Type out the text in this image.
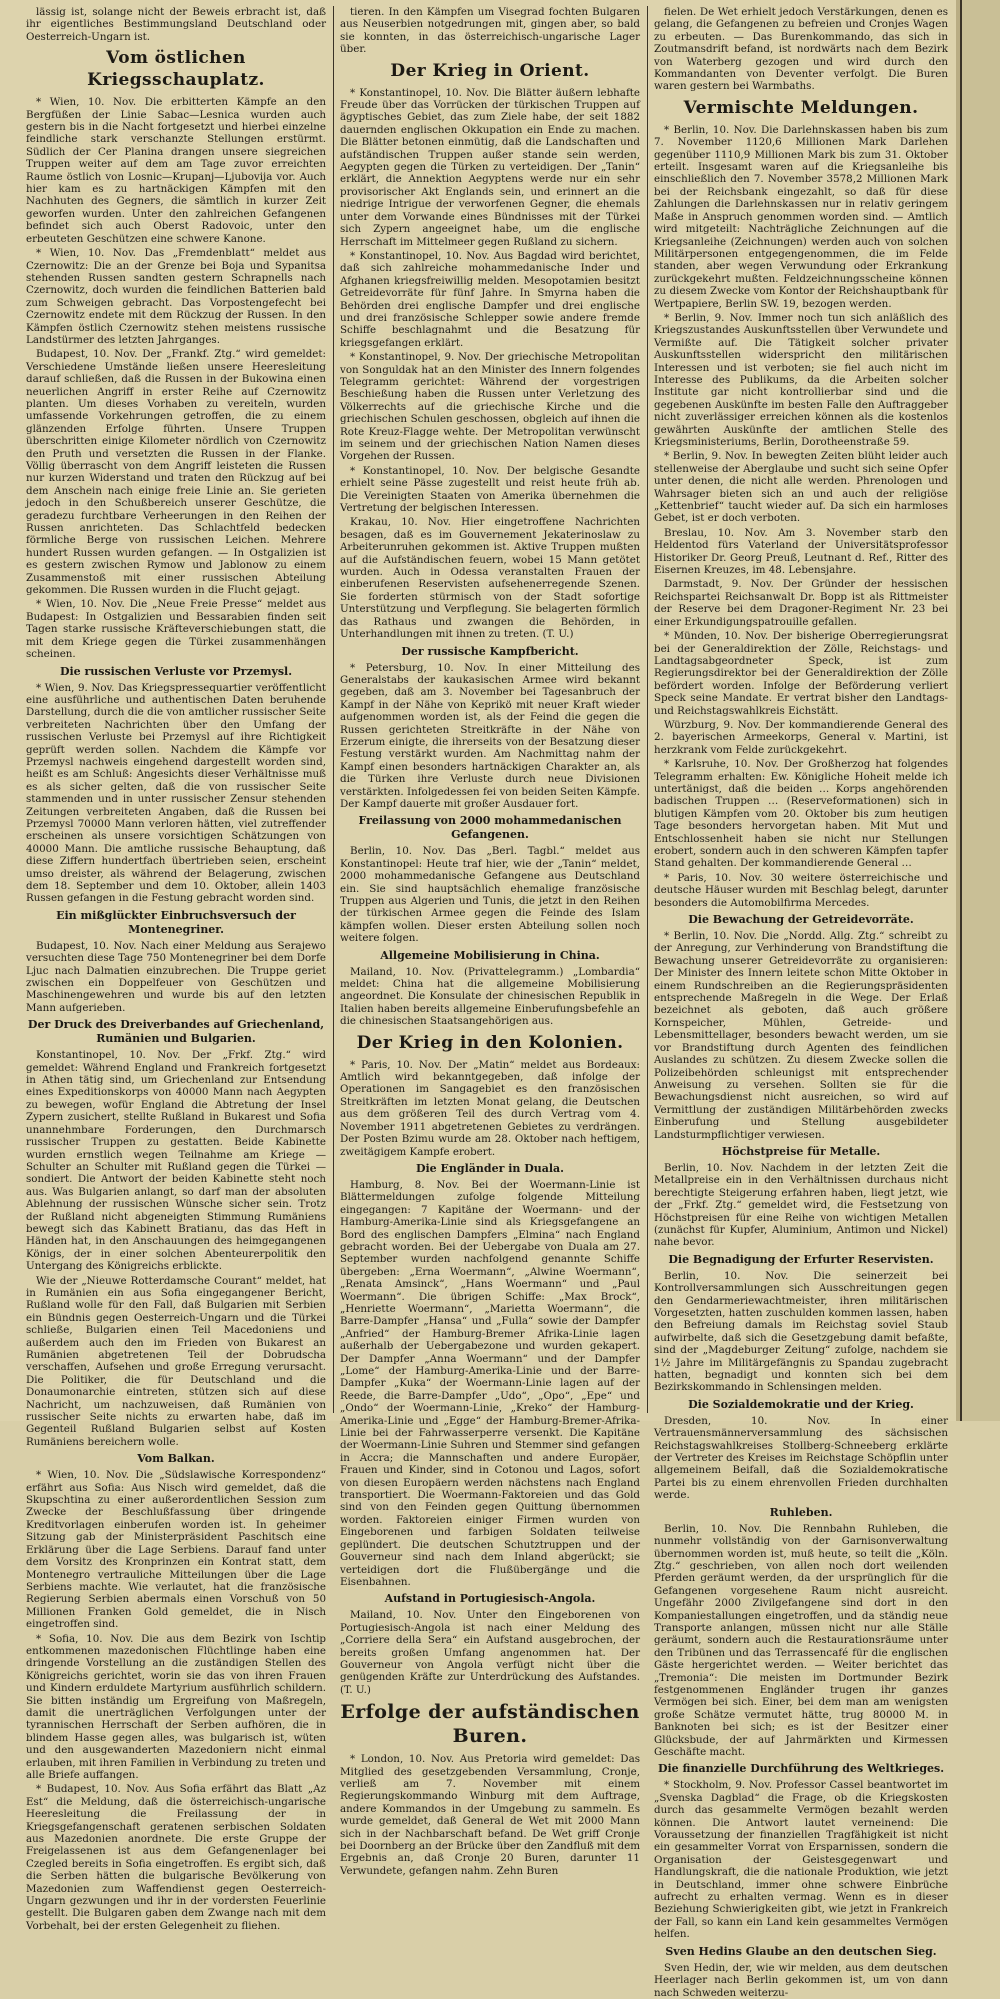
lässig ist, solange nicht der Beweis erbracht ist, daß ihr eigentliches Bestimmungsland Deutschland oder Oesterreich-Ungarn ist.

Vom östlichen Kriegsschauplatz.

* Wien, 10. Nov. Die erbitterten Kämpfe an den Bergfüßen der Linie Sabac—Lesnica wurden auch gestern bis in die Nacht fortgesetzt und hierbei einzelne feindliche stark verschanzte Stellungen erstürmt. Südlich der Cer Planina drangen unsere siegreichen Truppen weiter auf dem am Tage zuvor erreichten Raume östlich von Losnic—Krupanj—Ljubovija vor. Auch hier kam es zu hartnäckigen Kämpfen mit den Nachhuten des Gegners, die sämtlich in kurzer Zeit geworfen wurden. Unter den zahlreichen Gefangenen befindet sich auch Oberst Radovoic, unter den erbeuteten Geschützen eine schwere Kanone.

* Wien, 10. Nov. Das „Fremdenblatt“ meldet aus Czernowitz: Die an der Grenze bei Boja und Sypanitsa stehenden Russen sandten gestern Schrapnells nach Czernowitz, doch wurden die feindlichen Batterien bald zum Schweigen gebracht. Das Vorpostengefecht bei Czernowitz endete mit dem Rückzug der Russen. In den Kämpfen östlich Czernowitz stehen meistens russische Landstürmer des letzten Jahrganges.

Budapest, 10. Nov. Der „Frankf. Ztg.“ wird gemeldet: Verschiedene Umstände ließen unsere Heeresleitung darauf schließen, daß die Russen in der Bukowina einen neuerlichen Angriff in erster Reihe auf Czernowitz planten. Um dieses Vorhaben zu vereiteln, wurden umfassende Vorkehrungen getroffen, die zu einem glänzenden Erfolge führten. Unsere Truppen überschritten einige Kilometer nördlich von Czernowitz den Pruth und versetzten die Russen in der Flanke. Völlig überrascht von dem Angriff leisteten die Russen nur kurzen Widerstand und traten den Rückzug auf bei dem Anschein nach einige freie Linie an. Sie gerieten jedoch in den Schußbereich unserer Geschütze, die geradezu furchtbare Verheerungen in den Reihen der Russen anrichteten. Das Schlachtfeld bedecken förmliche Berge von russischen Leichen. Mehrere hundert Russen wurden gefangen. — In Ostgalizien ist es gestern zwischen Rymow und Jablonow zu einem Zusammenstoß mit einer russischen Abteilung gekommen. Die Russen wurden in die Flucht gejagt.

* Wien, 10. Nov. Die „Neue Freie Presse“ meldet aus Budapest: In Ostgalizien und Bessarabien finden seit Tagen starke russische Kräfteverschiebungen statt, die mit dem Kriege gegen die Türkei zusammenhängen scheinen.

Die russischen Verluste vor Przemysl.

* Wien, 9. Nov. Das Kriegspressequartier veröffentlicht eine ausführliche und authentischen Daten beruhende Darstellung, durch die die von amtlicher russischer Seite verbreiteten Nachrichten über den Umfang der russischen Verluste bei Przemysl auf ihre Richtigkeit geprüft werden sollen. Nachdem die Kämpfe vor Przemysl nachweis eingehend dargestellt worden sind, heißt es am Schluß: Angesichts dieser Verhältnisse muß es als sicher gelten, daß die von russischer Seite stammenden und in unter russischer Zensur stehenden Zeitungen verbreiteten Angaben, daß die Russen bei Przemysl 70000 Mann verloren hätten, viel zutreffender erscheinen als unsere vorsichtigen Schätzungen von 40000 Mann. Die amtliche russische Behauptung, daß diese Ziffern hundertfach übertrieben seien, erscheint umso dreister, als während der Belagerung, zwischen dem 18. September und dem 10. Oktober, allein 1403 Russen gefangen in die Festung gebracht worden sind.

Ein mißglückter Einbruchsversuch der Montenegriner.

Budapest, 10. Nov. Nach einer Meldung aus Serajewo versuchten diese Tage 750 Montenegriner bei dem Dorfe Ljuc nach Dalmatien einzubrechen. Die Truppe geriet zwischen ein Doppelfeuer von Geschützen und Maschinengewehren und wurde bis auf den letzten Mann aufgerieben.

Der Druck des Dreiverbandes auf Griechenland, Rumänien und Bulgarien.

Konstantinopel, 10. Nov. Der „Frkf. Ztg.“ wird gemeldet: Während England und Frankreich fortgesetzt in Athen tätig sind, um Griechenland zur Entsendung eines Expeditionskorps von 40000 Mann nach Aegypten zu bewegen, wofür England die Abtretung der Insel Zypern zusichert, stellte Rußland in Bukarest und Sofia unannehmbare Forderungen, den Durchmarsch russischer Truppen zu gestatten. Beide Kabinette wurden ernstlich wegen Teilnahme am Kriege — Schulter an Schulter mit Rußland gegen die Türkei — sondiert. Die Antwort der beiden Kabinette steht noch aus. Was Bulgarien anlangt, so darf man der absoluten Ablehnung der russischen Wünsche sicher sein. Trotz der Rußland nicht abgeneigten Stimmung Rumäniens bewegt sich das Kabinett Bratianu, das das Heft in Händen hat, in den Anschauungen des heimgegangenen Königs, der in einer solchen Abenteurerpolitik den Untergang des Königreichs erblickte.

Wie der „Nieuwe Rotterdamsche Courant“ meldet, hat in Rumänien ein aus Sofia eingegangener Bericht, Rußland wolle für den Fall, daß Bulgarien mit Serbien ein Bündnis gegen Oesterreich-Ungarn und die Türkei schließe, Bulgarien einen Teil Macedoniens und außerdem auch den im Frieden von Bukarest an Rumänien abgetretenen Teil der Dobrudscha verschaffen, Aufsehen und große Erregung verursacht. Die Politiker, die für Deutschland und die Donaumonarchie eintreten, stützen sich auf diese Nachricht, um nachzuweisen, daß Rumänien von russischer Seite nichts zu erwarten habe, daß im Gegenteil Rußland Bulgarien selbst auf Kosten Rumäniens bereichern wolle.

Vom Balkan.

* Wien, 10. Nov. Die „Südslawische Korrespondenz“ erfährt aus Sofia: Aus Nisch wird gemeldet, daß die Skupschtina zu einer außerordentlichen Session zum Zwecke der Beschlußfassung über dringende Kreditvorlagen einberufen worden ist. In geheimer Sitzung gab der Ministerpräsident Paschitsch eine Erklärung über die Lage Serbiens. Darauf fand unter dem Vorsitz des Kronprinzen ein Kontrat statt, dem Montenegro vertrauliche Mitteilungen über die Lage Serbiens machte. Wie verlautet, hat die französische Regierung Serbien abermals einen Vorschuß von 50 Millionen Franken Gold gemeldet, die in Nisch eingetroffen sind.

* Sofia, 10. Nov. Die aus dem Bezirk von Ischtip entkommenen mazedonischen Flüchtlinge haben eine dringende Vorstellung an die zuständigen Stellen des Königreichs gerichtet, worin sie das von ihren Frauen und Kindern erduldete Martyrium ausführlich schildern. Sie bitten inständig um Ergreifung von Maßregeln, damit die unerträglichen Verfolgungen unter der tyrannischen Herrschaft der Serben aufhören, die in blindem Hasse gegen alles, was bulgarisch ist, wüten und den ausgewanderten Mazedoniern nicht einmal erlauben, mit ihren Familien in Verbindung zu treten und alle Briefe auffangen.

* Budapest, 10. Nov. Aus Sofia erfährt das Blatt „Az Est“ die Meldung, daß die österreichisch-ungarische Heeresleitung die Freilassung der in Kriegsgefangenschaft geratenen serbischen Soldaten aus Mazedonien anordnete. Die erste Gruppe der Freigelassenen ist aus dem Gefangenenlager bei Czegled bereits in Sofia eingetroffen. Es ergibt sich, daß die Serben hätten die bulgarische Bevölkerung von Mazedonien zum Waffendienst gegen Oesterreich-Ungarn gezwungen und ihr in der vordersten Feuerlinie gestellt. Die Bulgaren gaben dem Zwange nach mit dem Vorbehalt, bei der ersten Gelegenheit zu fliehen.

tieren. In den Kämpfen um Visegrad fochten Bulgaren aus Neuserbien notgedrungen mit, gingen aber, so bald sie konnten, in das österreichisch-ungarische Lager über.

Der Krieg in Orient.

* Konstantinopel, 10. Nov. Die Blätter äußern lebhafte Freude über das Vorrücken der türkischen Truppen auf ägyptisches Gebiet, das zum Ziele habe, der seit 1882 dauernden englischen Okkupation ein Ende zu machen. Die Blätter betonen einmütig, daß die Landschaften und aufständischen Truppen außer stande sein werden, Aegypten gegen die Türken zu verteidigen. Der „Tanin“ erklärt, die Annektion Aegyptens werde nur ein sehr provisorischer Akt Englands sein, und erinnert an die niedrige Intrigue der verworfenen Gegner, die ehemals unter dem Vorwande eines Bündnisses mit der Türkei sich Zypern angeeignet habe, um die englische Herrschaft im Mittelmeer gegen Rußland zu sichern.

* Konstantinopel, 10. Nov. Aus Bagdad wird berichtet, daß sich zahlreiche mohammedanische Inder und Afghanen kriegsfreiwillig melden. Mesopotamien besitzt Getreidevorräte für fünf Jahre. In Smyrna haben die Behörden drei englische Dampfer und drei englische und drei französische Schlepper sowie andere fremde Schiffe beschlagnahmt und die Besatzung für kriegsgefangen erklärt.

* Konstantinopel, 9. Nov. Der griechische Metropolitan von Songuldak hat an den Minister des Innern folgendes Telegramm gerichtet: Während der vorgestrigen Beschießung haben die Russen unter Verletzung des Völkerrechts auf die griechische Kirche und die griechischen Schulen geschossen, obgleich auf ihnen die Rote Kreuz-Flagge wehte. Der Metropolitan verwünscht im seinem und der griechischen Nation Namen dieses Vorgehen der Russen.

* Konstantinopel, 10. Nov. Der belgische Gesandte erhielt seine Pässe zugestellt und reist heute früh ab. Die Vereinigten Staaten von Amerika übernehmen die Vertretung der belgischen Interessen.

Krakau, 10. Nov. Hier eingetroffene Nachrichten besagen, daß es im Gouvernement Jekaterinoslaw zu Arbeiterunruhen gekommen ist. Aktive Truppen mußten auf die Aufständischen feuern, wobei 15 Mann getötet wurden. Auch in Odessa veranstalten Frauen der einberufenen Reservisten aufsehenerregende Szenen. Sie forderten stürmisch von der Stadt sofortige Unterstützung und Verpflegung. Sie belagerten förmlich das Rathaus und zwangen die Behörden, in Unterhandlungen mit ihnen zu treten. (T. U.)

Der russische Kampfbericht.

* Petersburg, 10. Nov. In einer Mitteilung des Generalstabs der kaukasischen Armee wird bekannt gegeben, daß am 3. November bei Tagesanbruch der Kampf in der Nähe von Keprikö mit neuer Kraft wieder aufgenommen worden ist, als der Feind die gegen die Russen gerichteten Streitkräfte in der Nähe von Erzerum einigte, die ihrerseits von der Besatzung dieser Festung verstärkt wurden. Am Nachmittag nahm der Kampf einen besonders hartnäckigen Charakter an, als die Türken ihre Verluste durch neue Divisionen verstärkten. Infolgedessen fei von beiden Seiten Kämpfe. Der Kampf dauerte mit großer Ausdauer fort.

Freilassung von 2000 mohammedanischen Gefangenen.

Berlin, 10. Nov. Das „Berl. Tagbl.“ meldet aus Konstantinopel: Heute traf hier, wie der „Tanin“ meldet, 2000 mohammedanische Gefangene aus Deutschland ein. Sie sind hauptsächlich ehemalige französische Truppen aus Algerien und Tunis, die jetzt in den Reihen der türkischen Armee gegen die Feinde des Islam kämpfen wollen. Dieser ersten Abteilung sollen noch weitere folgen.

Allgemeine Mobilisierung in China.

Mailand, 10. Nov. (Privattelegramm.) „Lombardia“ meldet: China hat die allgemeine Mobilisierung angeordnet. Die Konsulate der chinesischen Republik in Italien haben bereits allgemeine Einberufungsbefehle an die chinesischen Staatsangehörigen aus.

Der Krieg in den Kolonien.

* Paris, 10. Nov. Der „Matin“ meldet aus Bordeaux: Amtlich wird bekanntgegeben, daß infolge der Operationen im Sangagebiet es den französischen Streitkräften im letzten Monat gelang, die Deutschen aus dem größeren Teil des durch Vertrag vom 4. November 1911 abgetretenen Gebietes zu verdrängen. Der Posten Bzimu wurde am 28. Oktober nach heftigem, zweitägigem Kampfe erobert.

Die Engländer in Duala.

Hamburg, 8. Nov. Bei der Woermann-Linie ist Blättermeldungen zufolge folgende Mitteilung eingegangen: 7 Kapitäne der Woermann- und der Hamburg-Amerika-Linie sind als Kriegsgefangene an Bord des englischen Dampfers „Elmina“ nach England gebracht worden. Bei der Uebergabe von Duala am 27. September wurden nachfolgend genannte Schiffe übergeben: „Erna Woermann“, „Alwine Woermann“, „Renata Amsinck“, „Hans Woermann“ und „Paul Woermann“. Die übrigen Schiffe: „Max Brock“, „Henriette Woermann“, „Marietta Woermann“, die Barre-Dampfer „Hansa“ und „Fulla“ sowie der Dampfer „Anfried“ der Hamburg-Bremer Afrika-Linie lagen außerhalb der Uebergabezone und wurden gekapert. Der Dampfer „Anna Woermann“ und der Dampfer „Lome“ der Hamburg-Amerika-Linie und der Barre-Dampfer „Kuka“ der Woermann-Linie lagen auf der Reede, die Barre-Dampfer „Udo“, „Opo“, „Epe“ und „Ondo“ der Woermann-Linie, „Kreko“ der Hamburg-Amerika-Linie und „Egge“ der Hamburg-Bremer-Afrika-Linie bei der Fahrwasserperre versenkt. Die Kapitäne der Woermann-Linie Suhren und Stemmer sind gefangen in Accra; die Mannschaften und andere Europäer, Frauen und Kinder, sind in Cotonou und Lagos, sofort von diesen Europäern werden nächstens nach England transportiert. Die Woermann-Faktoreien und das Gold sind von den Feinden gegen Quittung übernommen worden. Faktoreien einiger Firmen wurden von Eingeborenen und farbigen Soldaten teilweise geplündert. Die deutschen Schutztruppen und der Gouverneur sind nach dem Inland abgerückt; sie verteidigen dort die Flußübergänge und die Eisenbahnen.

Aufstand in Portugiesisch-Angola.

Mailand, 10. Nov. Unter den Eingeborenen von Portugiesisch-Angola ist nach einer Meldung des „Corriere della Sera“ ein Aufstand ausgebrochen, der bereits großen Umfang angenommen hat. Der Gouverneur von Angola verfügt nicht über die genügenden Kräfte zur Unterdrückung des Aufstandes. (T. U.)

Erfolge der aufständischen Buren.

* London, 10. Nov. Aus Pretoria wird gemeldet: Das Mitglied des gesetzgebenden Versammlung, Cronje, verließ am 7. November mit einem Regierungskommando Winburg mit dem Auftrage, andere Kommandos in der Umgebung zu sammeln. Es wurde gemeldet, daß General de Wet mit 2000 Mann sich in der Nachbarschaft befand. De Wet griff Cronje bei Doornberg an der Brücke über den Zandfluß mit dem Ergebnis an, daß Cronje 20 Buren, darunter 11 Verwundete, gefangen nahm. Zehn Buren

fielen. De Wet erhielt jedoch Verstärkungen, denen es gelang, die Gefangenen zu befreien und Cronjes Wagen zu erbeuten. — Das Burenkommando, das sich in Zoutmansdrift befand, ist nordwärts nach dem Bezirk von Waterberg gezogen und wird durch den Kommandanten von Deventer verfolgt. Die Buren waren gestern bei Warmbaths.

Vermischte Meldungen.

* Berlin, 10. Nov. Die Darlehnskassen haben bis zum 7. November 1120,6 Millionen Mark Darlehen gegenüber 1110,9 Millionen Mark bis zum 31. Oktober erteilt. Insgesamt waren auf die Kriegsanleihe bis einschließlich den 7. November 3578,2 Millionen Mark bei der Reichsbank eingezahlt, so daß für diese Zahlungen die Darlehnskassen nur in relativ geringem Maße in Anspruch genommen worden sind. — Amtlich wird mitgeteilt: Nachträgliche Zeichnungen auf die Kriegsanleihe (Zeichnungen) werden auch von solchen Militärpersonen entgegengenommen, die im Felde standen, aber wegen Verwundung oder Erkrankung zurückgekehrt mußten. Feldzeichnungsscheine können zu diesem Zwecke vom Kontor der Reichshauptbank für Wertpapiere, Berlin SW. 19, bezogen werden.

* Berlin, 9. Nov. Immer noch tun sich anläßlich des Kriegszustandes Auskunftsstellen über Verwundete und Vermißte auf. Die Tätigkeit solcher privater Auskunftsstellen widerspricht den militärischen Interessen und ist verboten; sie fiel auch nicht im Interesse des Publikums, da die Arbeiten solcher Institute gar nicht kontrollierbar sind und die gegebenen Auskünfte im besten Falle den Auftraggeber nicht zuverlässiger erreichen können als die kostenlos gewährten Auskünfte der amtlichen Stelle des Kriegsministeriums, Berlin, Dorotheenstraße 59.

* Berlin, 9. Nov. In bewegten Zeiten blüht leider auch stellenweise der Aberglaube und sucht sich seine Opfer unter denen, die nicht alle werden. Phrenologen und Wahrsager bieten sich an und auch der religiöse „Kettenbrief“ taucht wieder auf. Da sich ein harmloses Gebet, ist er doch verboten.

Breslau, 10. Nov. Am 3. November starb den Heldentod fürs Vaterland der Universitätsprofessor Historiker Dr. Georg Preuß, Leutnant d. Ref., Ritter des Eisernen Kreuzes, im 48. Lebensjahre.

Darmstadt, 9. Nov. Der Gründer der hessischen Reichspartei Reichsanwalt Dr. Bopp ist als Rittmeister der Reserve bei dem Dragoner-Regiment Nr. 23 bei einer Erkundigungspatrouille gefallen.

* Münden, 10. Nov. Der bisherige Oberregierungsrat bei der Generaldirektion der Zölle, Reichstags- und Landtagsabgeordneter Speck, ist zum Regierungsdirektor bei der Generaldirektion der Zölle befördert worden. Infolge der Beförderung verliert Speck seine Mandate. Er vertrat bisher den Landtags- und Reichstagswahlkreis Eichstätt.

Würzburg, 9. Nov. Der kommandierende General des 2. bayerischen Armeekorps, General v. Martini, ist herzkrank vom Felde zurückgekehrt.

* Karlsruhe, 10. Nov. Der Großherzog hat folgendes Telegramm erhalten: Ew. Königliche Hoheit melde ich untertänigst, daß die beiden … Korps angehörenden badischen Truppen … (Reserveformationen) sich in blutigen Kämpfen vom 20. Oktober bis zum heutigen Tage besonders hervorgetan haben. Mit Mut und Entschlossenheit haben sie nicht nur Stellungen erobert, sondern auch in den schweren Kämpfen tapfer Stand gehalten. Der kommandierende General …

* Paris, 10. Nov. 30 weitere österreichische und deutsche Häuser wurden mit Beschlag belegt, darunter besonders die Automobilfirma Mercedes.

Die Bewachung der Getreidevorräte.

* Berlin, 10. Nov. Die „Nordd. Allg. Ztg.“ schreibt zu der Anregung, zur Verhinderung von Brandstiftung die Bewachung unserer Getreidevorräte zu organisieren: Der Minister des Innern leitete schon Mitte Oktober in einem Rundschreiben an die Regierungspräsidenten entsprechende Maßregeln in die Wege. Der Erlaß bezeichnet als geboten, daß auch größere Kornspeicher, Mühlen, Getreide- und Lebensmittellager, besonders bewacht werden, um sie vor Brandstiftung durch Agenten des feindlichen Auslandes zu schützen. Zu diesem Zwecke sollen die Polizeibehörden schleunigst mit entsprechender Anweisung zu versehen. Sollten sie für die Bewachungsdienst nicht ausreichen, so wird auf Vermittlung der zuständigen Militärbehörden zwecks Einberufung und Stellung ausgebildeter Landsturmpflichtiger verwiesen.

Höchstpreise für Metalle.

Berlin, 10. Nov. Nachdem in der letzten Zeit die Metallpreise ein in den Verhältnissen durchaus nicht berechtigte Steigerung erfahren haben, liegt jetzt, wie der „Frkf. Ztg.“ gemeldet wird, die Festsetzung von Höchstpreisen für eine Reihe von wichtigen Metallen (zunächst für Kupfer, Aluminium, Antimon und Nickel) nahe bevor.

Die Begnadigung der Erfurter Reservisten.

Berlin, 10. Nov. Die seinerzeit bei Kontrollversammlungen sich Ausschreitungen gegen den Gendarmeriewachtmeister, ihren militärischen Vorgesetzten, hatten zuschulden kommen lassen, haben den Befreiung damals im Reichstag soviel Staub aufwirbelte, daß sich die Gesetzgebung damit befaßte, sind der „Magdeburger Zeitung“ zufolge, nachdem sie 1½ Jahre im Militärgefängnis zu Spandau zugebracht hatten, begnadigt und konnten sich bei dem Bezirkskommando in Schlensingen melden.

Die Sozialdemokratie und der Krieg.

Dresden, 10. Nov. In einer Vertrauensmännerversammlung des sächsischen Reichstagswahlkreises Stollberg-Schneeberg erklärte der Vertreter des Kreises im Reichstage Schöpflin unter allgemeinem Beifall, daß die Sozialdemokratische Partei bis zu einem ehrenvollen Frieden durchhalten werde.

Ruhleben.

Berlin, 10. Nov. Die Rennbahn Ruhleben, die nunmehr vollständig von der Garnisonverwaltung übernommen worden ist, muß heute, so teilt die „Köln. Ztg.“ geschrieben, von allen noch dort weilenden Pferden geräumt werden, da der ursprünglich für die Gefangenen vorgesehene Raum nicht ausreicht. Ungefähr 2000 Zivilgefangene sind dort in den Kompaniestallungen eingetroffen, und da ständig neue Transporte anlangen, müssen nicht nur alle Ställe geräumt, sondern auch die Restaurationsräume unter den Tribünen und das Terrassencafé für die englischen Gäste hergerichtet werden. — Weiter berichtet das „Tremonia“: Die meisten im Dortmunder Bezirk festgenommenen Engländer trugen ihr ganzes Vermögen bei sich. Einer, bei dem man am wenigsten große Schätze vermutet hätte, trug 80000 M. in Banknoten bei sich; es ist der Besitzer einer Glücksbude, der auf Jahrmärkten und Kirmessen Geschäfte macht.

Die finanzielle Durchführung des Weltkrieges.

* Stockholm, 9. Nov. Professor Cassel beantwortet im „Svenska Dagblad“ die Frage, ob die Kriegskosten durch das gesammelte Vermögen bezahlt werden können. Die Antwort lautet verneinend: Die Voraussetzung der finanziellen Tragfähigkeit ist nicht ein gesammelter Vorrat von Ersparnissen, sondern die Organisation der Geistesgegenwart und Handlungskraft, die die nationale Produktion, wie jetzt in Deutschland, immer ohne schwere Einbrüche aufrecht zu erhalten vermag. Wenn es in dieser Beziehung Schwierigkeiten gibt, wie jetzt in Frankreich der Fall, so kann ein Land kein gesammeltes Vermögen helfen.

Sven Hedins Glaube an den deutschen Sieg.

Sven Hedin, der, wie wir melden, aus dem deutschen Heerlager nach Berlin gekommen ist, um von dann nach Schweden weiterzu-
